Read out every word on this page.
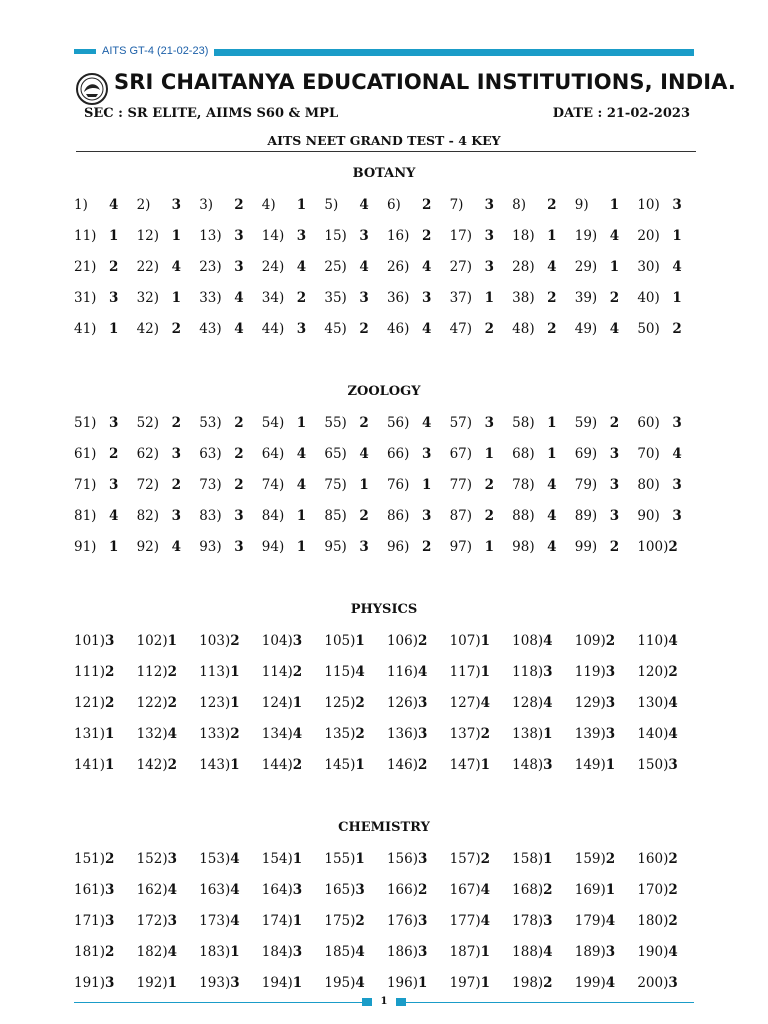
AITS GT-4 (21-02-23)
SRI CHAITANYA EDUCATIONAL INSTITUTIONS, INDIA.
SEC : SR ELITE, AIIMS S60 & MPL	DATE : 21-02-2023
AITS NEET GRAND TEST - 4 KEY
BOTANY
1) 4	2) 3	3) 2	4) 1	5) 4	6) 2	7) 3	8) 2	9) 1	10) 3
11) 1	12) 1	13) 3	14) 3	15) 3	16) 2	17) 3	18) 1	19) 4	20) 1
21) 2	22) 4	23) 3	24) 4	25) 4	26) 4	27) 3	28) 4	29) 1	30) 4
31) 3	32) 1	33) 4	34) 2	35) 3	36) 3	37) 1	38) 2	39) 2	40) 1
41) 1	42) 2	43) 4	44) 3	45) 2	46) 4	47) 2	48) 2	49) 4	50) 2
ZOOLOGY
51) 3	52) 2	53) 2	54) 1	55) 2	56) 4	57) 3	58) 1	59) 2	60) 3
61) 2	62) 3	63) 2	64) 4	65) 4	66) 3	67) 1	68) 1	69) 3	70) 4
71) 3	72) 2	73) 2	74) 4	75) 1	76) 1	77) 2	78) 4	79) 3	80) 3
81) 4	82) 3	83) 3	84) 1	85) 2	86) 3	87) 2	88) 4	89) 3	90) 3
91) 1	92) 4	93) 3	94) 1	95) 3	96) 2	97) 1	98) 4	99) 2	100)2
PHYSICS
101)3	102)1	103)2	104)3	105)1	106)2	107)1	108)4	109)2	110)4
111)2	112)2	113)1	114)2	115)4	116)4	117)1	118)3	119)3	120)2
121)2	122)2	123)1	124)1	125)2	126)3	127)4	128)4	129)3	130)4
131)1	132)4	133)2	134)4	135)2	136)3	137)2	138)1	139)3	140)4
141)1	142)2	143)1	144)2	145)1	146)2	147)1	148)3	149)1	150)3
CHEMISTRY
151)2	152)3	153)4	154)1	155)1	156)3	157)2	158)1	159)2	160)2
161)3	162)4	163)4	164)3	165)3	166)2	167)4	168)2	169)1	170)2
171)3	172)3	173)4	174)1	175)2	176)3	177)4	178)3	179)4	180)2
181)2	182)4	183)1	184)3	185)4	186)3	187)1	188)4	189)3	190)4
191)3	192)1	193)3	194)1	195)4	196)1	197)1	198)2	199)4	200)3
1
